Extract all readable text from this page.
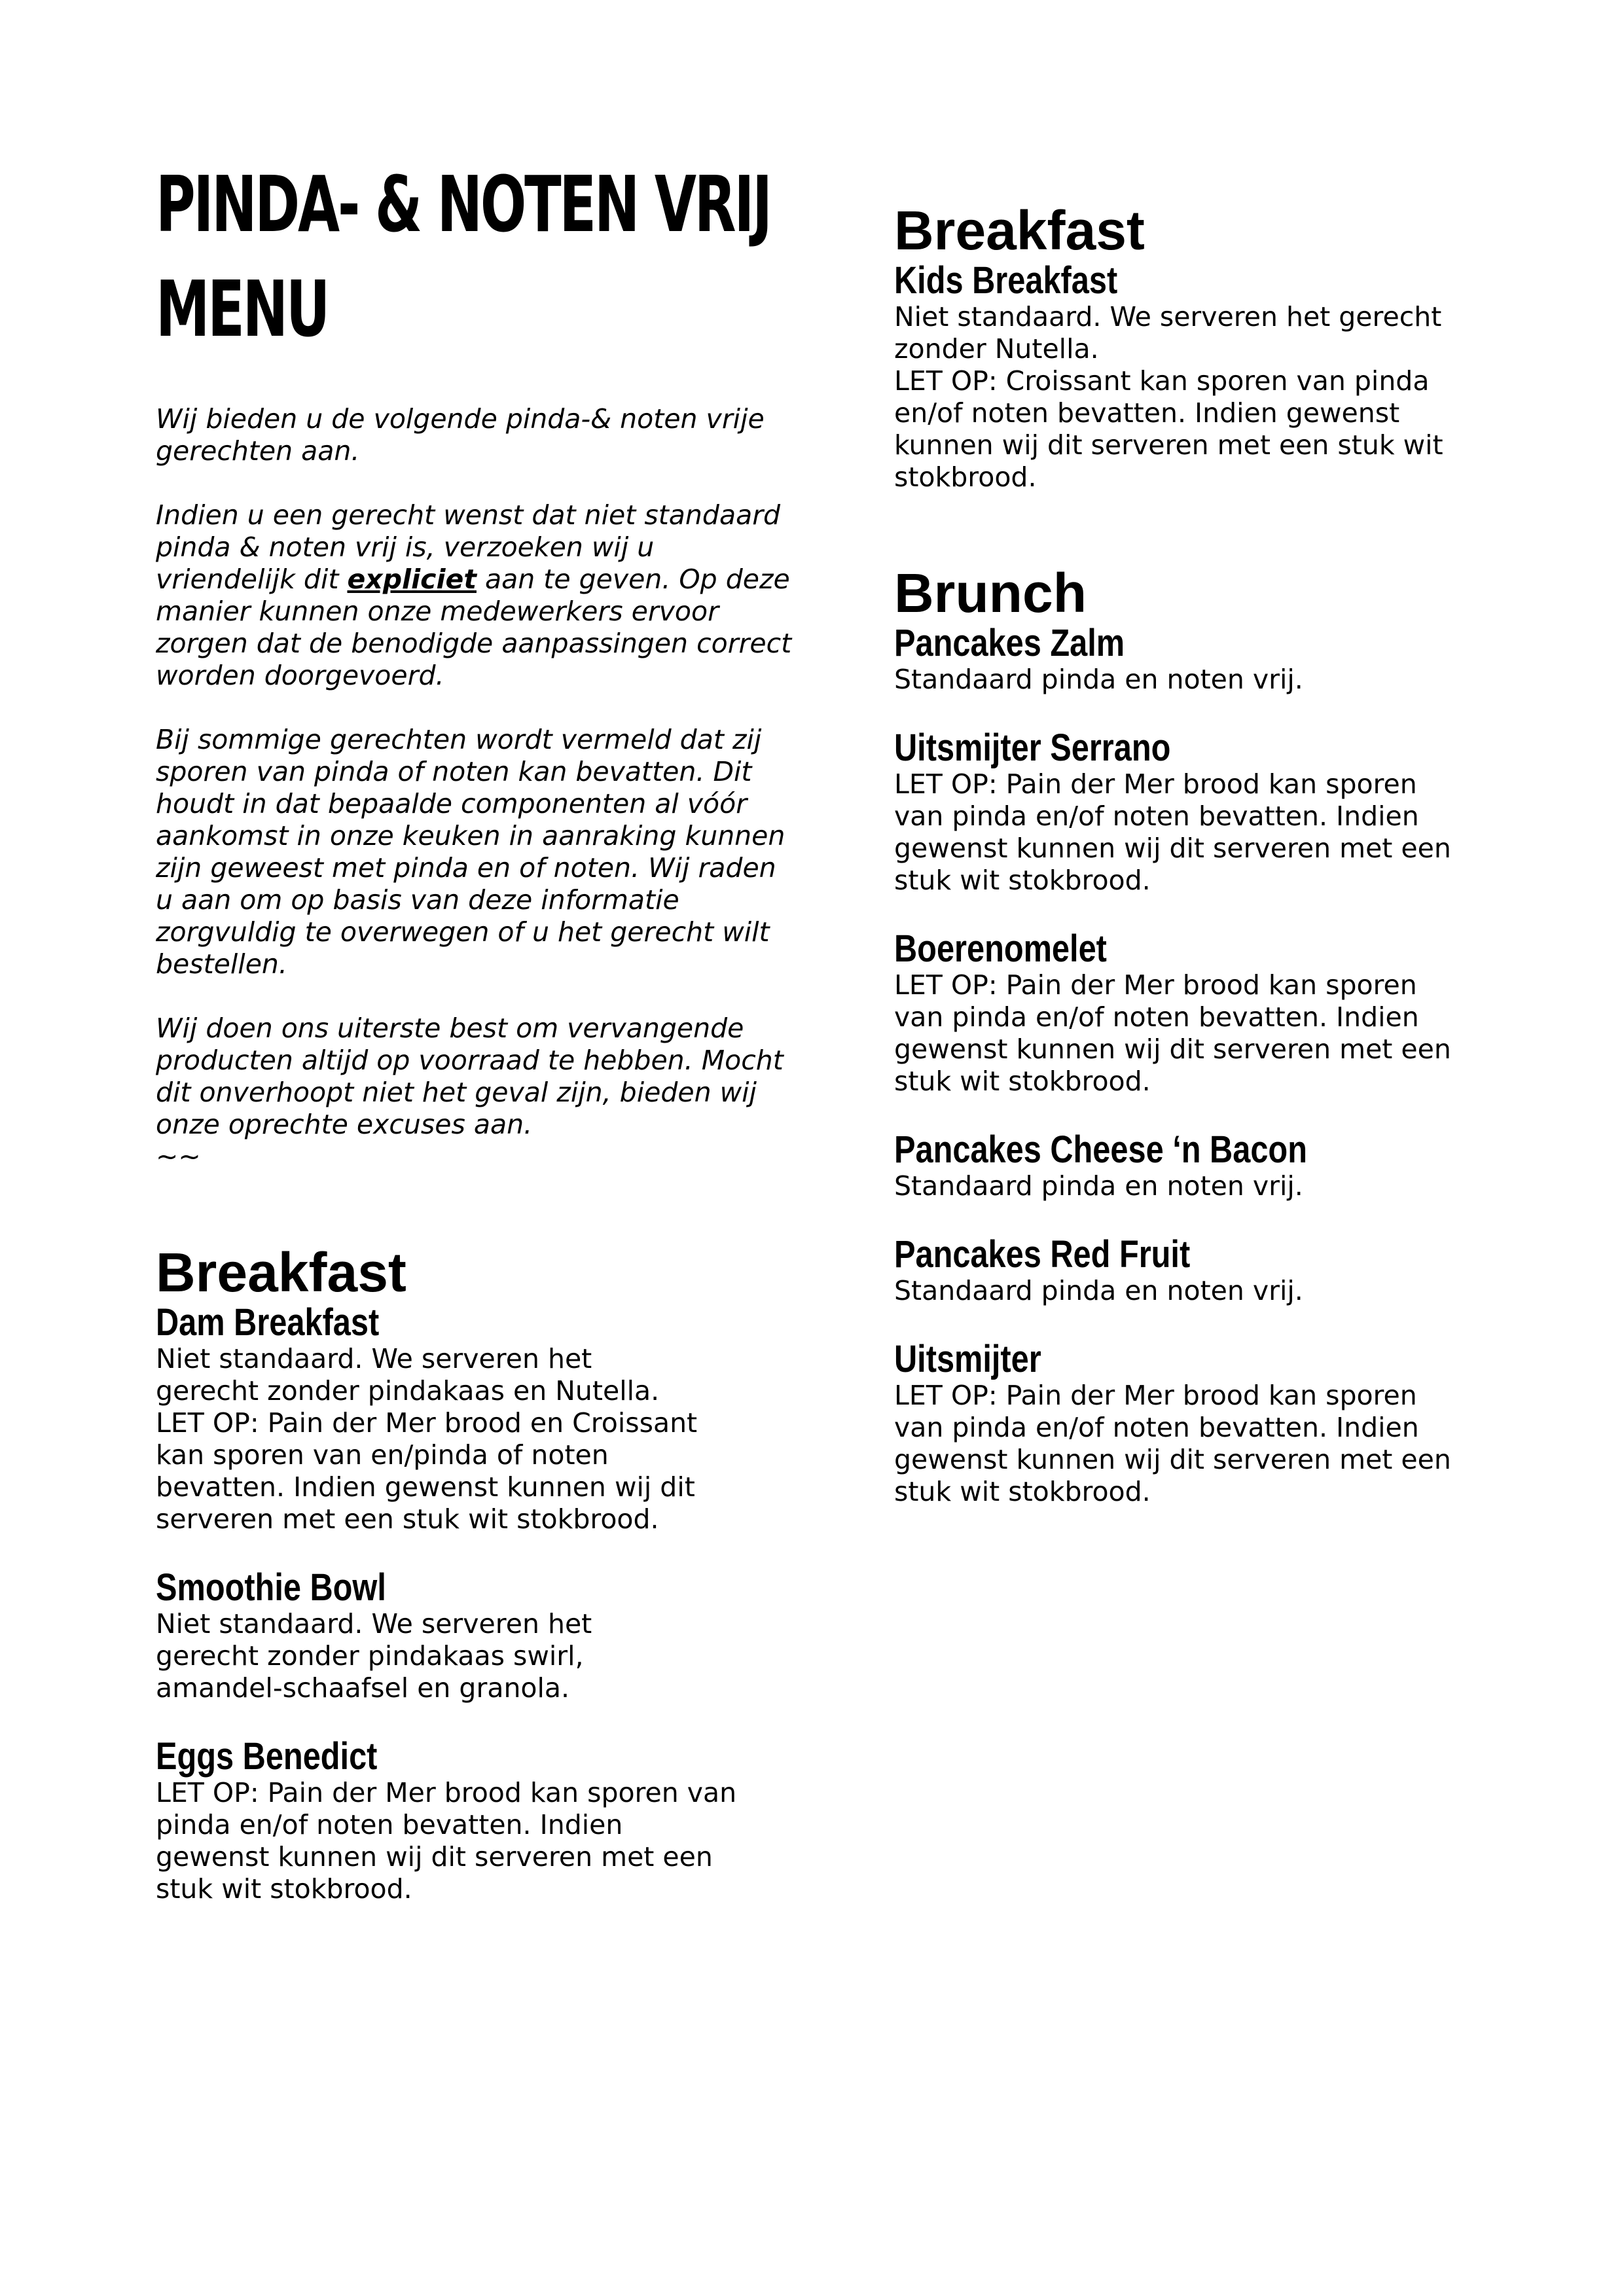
PINDA- & NOTEN VRIJ
MENU

Wij bieden u de volgende pinda-& noten vrije gerechten aan.

Indien u een gerecht wenst dat niet standaard pinda & noten vrij is, verzoeken wij u vriendelijk dit expliciet aan te geven. Op deze manier kunnen onze medewerkers ervoor zorgen dat de benodigde aanpassingen correct worden doorgevoerd.

Bij sommige gerechten wordt vermeld dat zij sporen van pinda of noten kan bevatten. Dit houdt in dat bepaalde componenten al vóór aankomst in onze keuken in aanraking kunnen zijn geweest met pinda en of noten. Wij raden u aan om op basis van deze informatie zorgvuldig te overwegen of u het gerecht wilt bestellen.

Wij doen ons uiterste best om vervangende producten altijd op voorraad te hebben. Mocht dit onverhoopt niet het geval zijn, bieden wij onze oprechte excuses aan.

~~

Breakfast
Dam Breakfast

Niet standaard. We serveren het
gerecht zonder pindakaas en Nutella.
LET OP: Pain der Mer brood en Croissant
kan sporen van en/pinda of noten
bevatten. Indien gewenst kunnen wij dit
serveren met een stuk wit stokbrood.

Smoothie Bowl

Niet standaard. We serveren het
gerecht zonder pindakaas swirl,
amandel-schaafsel en granola.

Eggs Benedict

LET OP: Pain der Mer brood kan sporen van
pinda en/of noten bevatten. Indien
gewenst kunnen wij dit serveren met een
stuk wit stokbrood.

Breakfast
Kids Breakfast

Niet standaard. We serveren het gerecht
zonder Nutella.
LET OP: Croissant kan sporen van pinda
en/of noten bevatten. Indien gewenst
kunnen wij dit serveren met een stuk wit
stokbrood.

Brunch
Pancakes Zalm

Standaard pinda en noten vrij.

Uitsmijter Serrano

LET OP: Pain der Mer brood kan sporen
van pinda en/of noten bevatten. Indien
gewenst kunnen wij dit serveren met een
stuk wit stokbrood.

Boerenomelet

LET OP: Pain der Mer brood kan sporen
van pinda en/of noten bevatten. Indien
gewenst kunnen wij dit serveren met een
stuk wit stokbrood.

Pancakes Cheese ‘n Bacon

Standaard pinda en noten vrij.

Pancakes Red Fruit

Standaard pinda en noten vrij.

Uitsmijter

LET OP: Pain der Mer brood kan sporen
van pinda en/of noten bevatten. Indien
gewenst kunnen wij dit serveren met een
stuk wit stokbrood.
